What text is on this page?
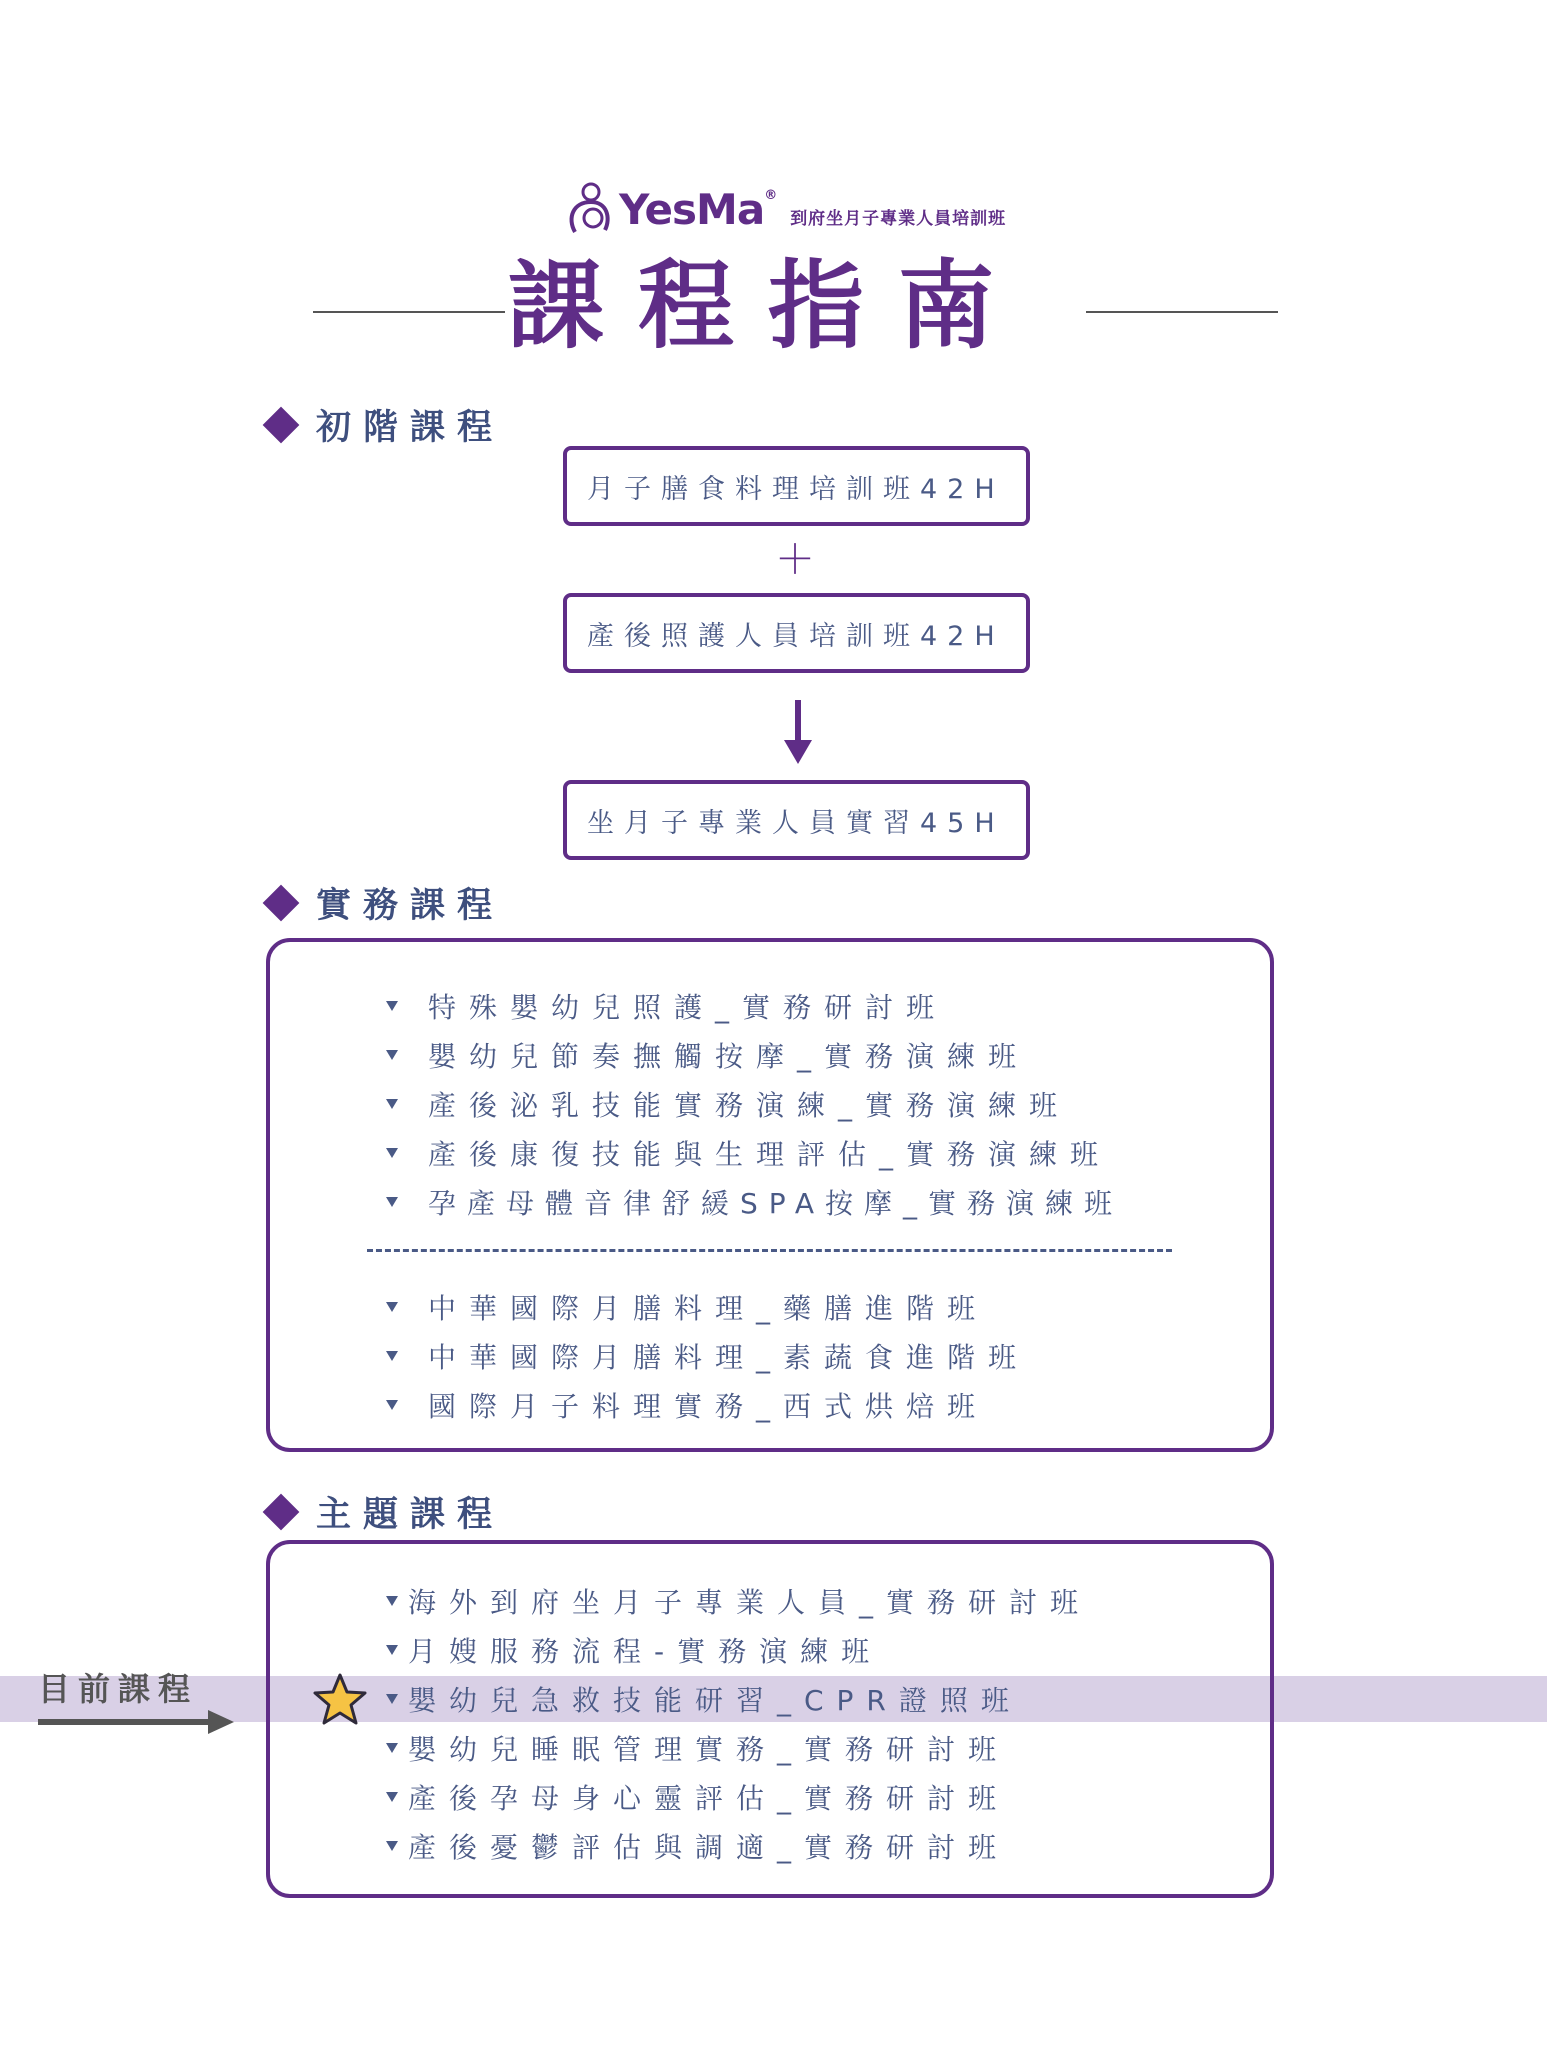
YesMa®
到府坐月子專業人員培訓班
課程指南
初階課程
月子膳食料理培訓班42H
＋
產後照護人員培訓班42H
坐月子專業人員實習45H
實務課程
特殊嬰幼兒照護_實務研討班
嬰幼兒節奏撫觸按摩_實務演練班
產後泌乳技能實務演練_實務演練班
產後康復技能與生理評估_實務演練班
孕產母體音律舒緩SPA按摩_實務演練班
中華國際月膳料理_藥膳進階班
中華國際月膳料理_素蔬食進階班
國際月子料理實務_西式烘焙班
主題課程
海外到府坐月子專業人員_實務研討班
月嫂服務流程-實務演練班
嬰幼兒急救技能研習_CPR證照班
嬰幼兒睡眠管理實務_實務研討班
產後孕母身心靈評估_實務研討班
產後憂鬱評估與調適_實務研討班
目前課程
